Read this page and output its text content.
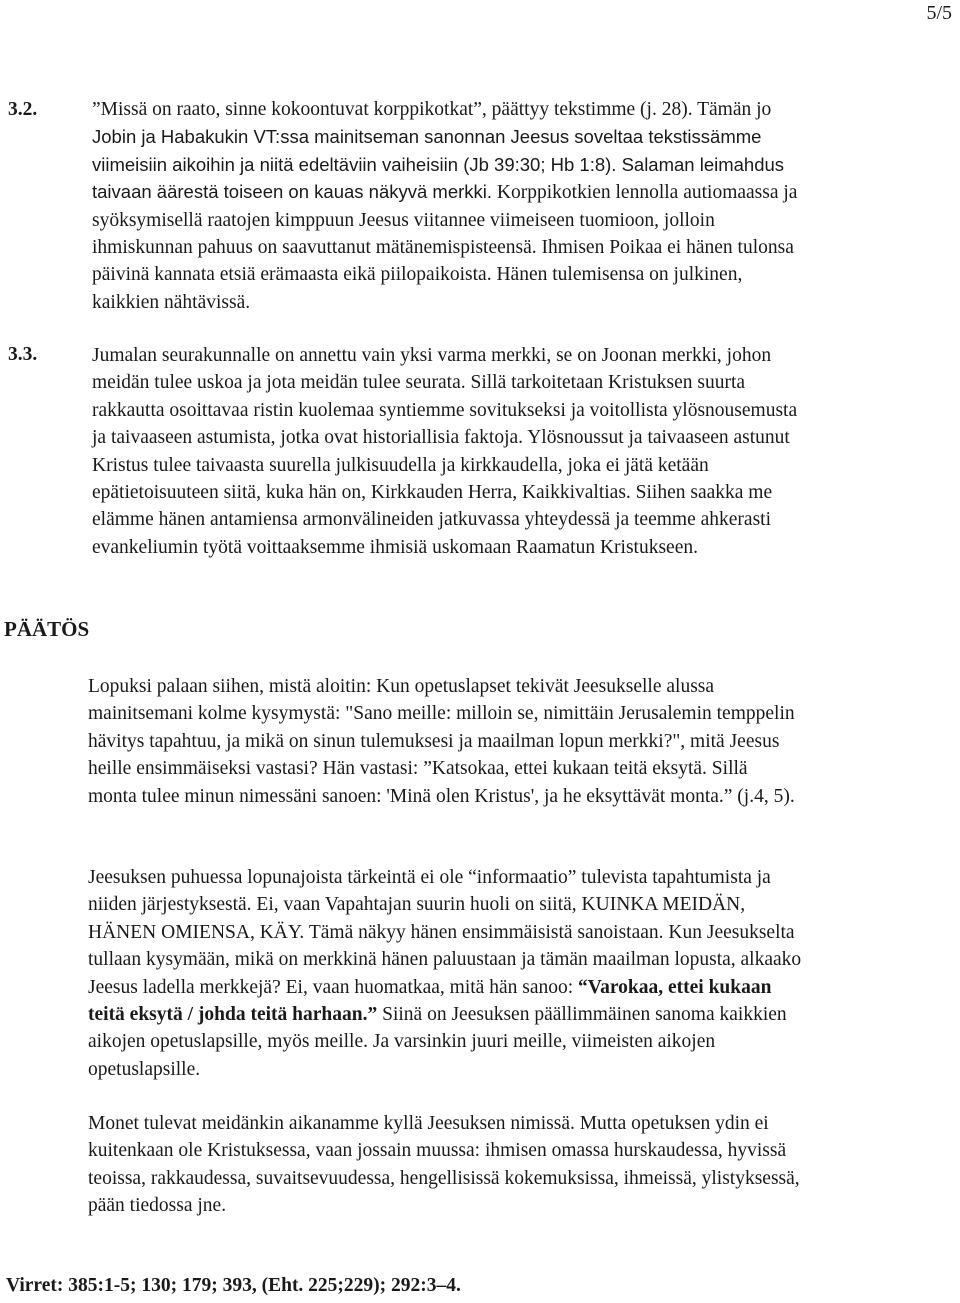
5/5
3.2.	”Missä on raato, sinne kokoontuvat korppikotkat”, päättyy tekstimme (j. 28). Tämän jo
Jobin ja Habakukin VT:ssa mainitseman sanonnan Jeesus soveltaa tekstissämme
viimeisiin aikoihin ja niitä edeltäviin vaiheisiin (Jb 39:30; Hb 1:8). Salaman leimahdus
taivaan äärestä toiseen on kauas näkyvä merkki. Korppikotkien lennolla autiomaassa ja
syöksymisellä raatojen kimppuun Jeesus viitannee viimeiseen tuomioon, jolloin
ihmiskunnan pahuus on saavuttanut mätänemispisteensä. Ihmisen Poikaa ei hänen tulonsa
päivinä kannata etsiä erämaasta eikä piilopaikoista. Hänen tulemisensa on julkinen,
kaikkien nähtävissä.
3.3.	Jumalan seurakunnalle on annettu vain yksi varma merkki, se on Joonan merkki, johon
meidän tulee uskoa ja jota meidän tulee seurata. Sillä tarkoitetaan Kristuksen suurta
rakkautta osoittavaa ristin kuolemaa syntiemme sovitukseksi ja voitollista ylösnousemusta
ja taivaaseen astumista, jotka ovat historiallisia faktoja. Ylösnoussut ja taivaaseen astunut
Kristus tulee taivaasta suurella julkisuudella ja kirkkaudella, joka ei jätä ketään
epätietoisuuteen siitä, kuka hän on, Kirkkauden Herra, Kaikkivaltias. Siihen saakka me
elämme hänen antamiensa armonvälineiden jatkuvassa yhteydessä ja teemme ahkerasti
evankeliumin työtä voittaaksemme ihmisiä uskomaan Raamatun Kristukseen.
PÄÄTÖS
Lopuksi palaan siihen, mistä aloitin: Kun opetuslapset tekivät Jeesukselle alussa
mainitsemani kolme kysymystä: "Sano meille: milloin se, nimittäin Jerusalemin temppelin
hävitys tapahtuu, ja mikä on sinun tulemuksesi ja maailman lopun merkki?", mitä Jeesus
heille ensimmäiseksi vastasi? Hän vastasi: ”Katsokaa, ettei kukaan teitä eksytä. Sillä
monta tulee minun nimessäni sanoen: 'Minä olen Kristus', ja he eksyttävät monta.” (j.4, 5).
Jeesuksen puhuessa lopunajoista tärkeintä ei ole “informaatio” tulevista tapahtumista ja
niiden järjestyksestä. Ei, vaan Vapahtajan suurin huoli on siitä, KUINKA MEIDÄN,
HÄNEN OMIENSA, KÄY. Tämä näkyy hänen ensimmäisistä sanoistaan. Kun Jeesukselta
tullaan kysymään, mikä on merkkinä hänen paluustaan ja tämän maailman lopusta, alkaako
Jeesus ladella merkkejä? Ei, vaan huomatkaa, mitä hän sanoo: “Varokaa, ettei kukaan
teitä eksytä / johda teitä harhaan.” Siinä on Jeesuksen päällimmäinen sanoma kaikkien
aikojen opetuslapsille, myös meille. Ja varsinkin juuri meille, viimeisten aikojen
opetuslapsille.
Monet tulevat meidänkin aikanamme kyllä Jeesuksen nimissä. Mutta opetuksen ydin ei
kuitenkaan ole Kristuksessa, vaan jossain muussa: ihmisen omassa hurskaudessa, hyvissä
teoissa, rakkaudessa, suvaitsevuudessa, hengellisissä kokemuksissa, ihmeissä, ylistyksessä,
pään tiedossa jne.
Virret: 385:1-5; 130; 179; 393, (Eht. 225;229); 292:3–4.
